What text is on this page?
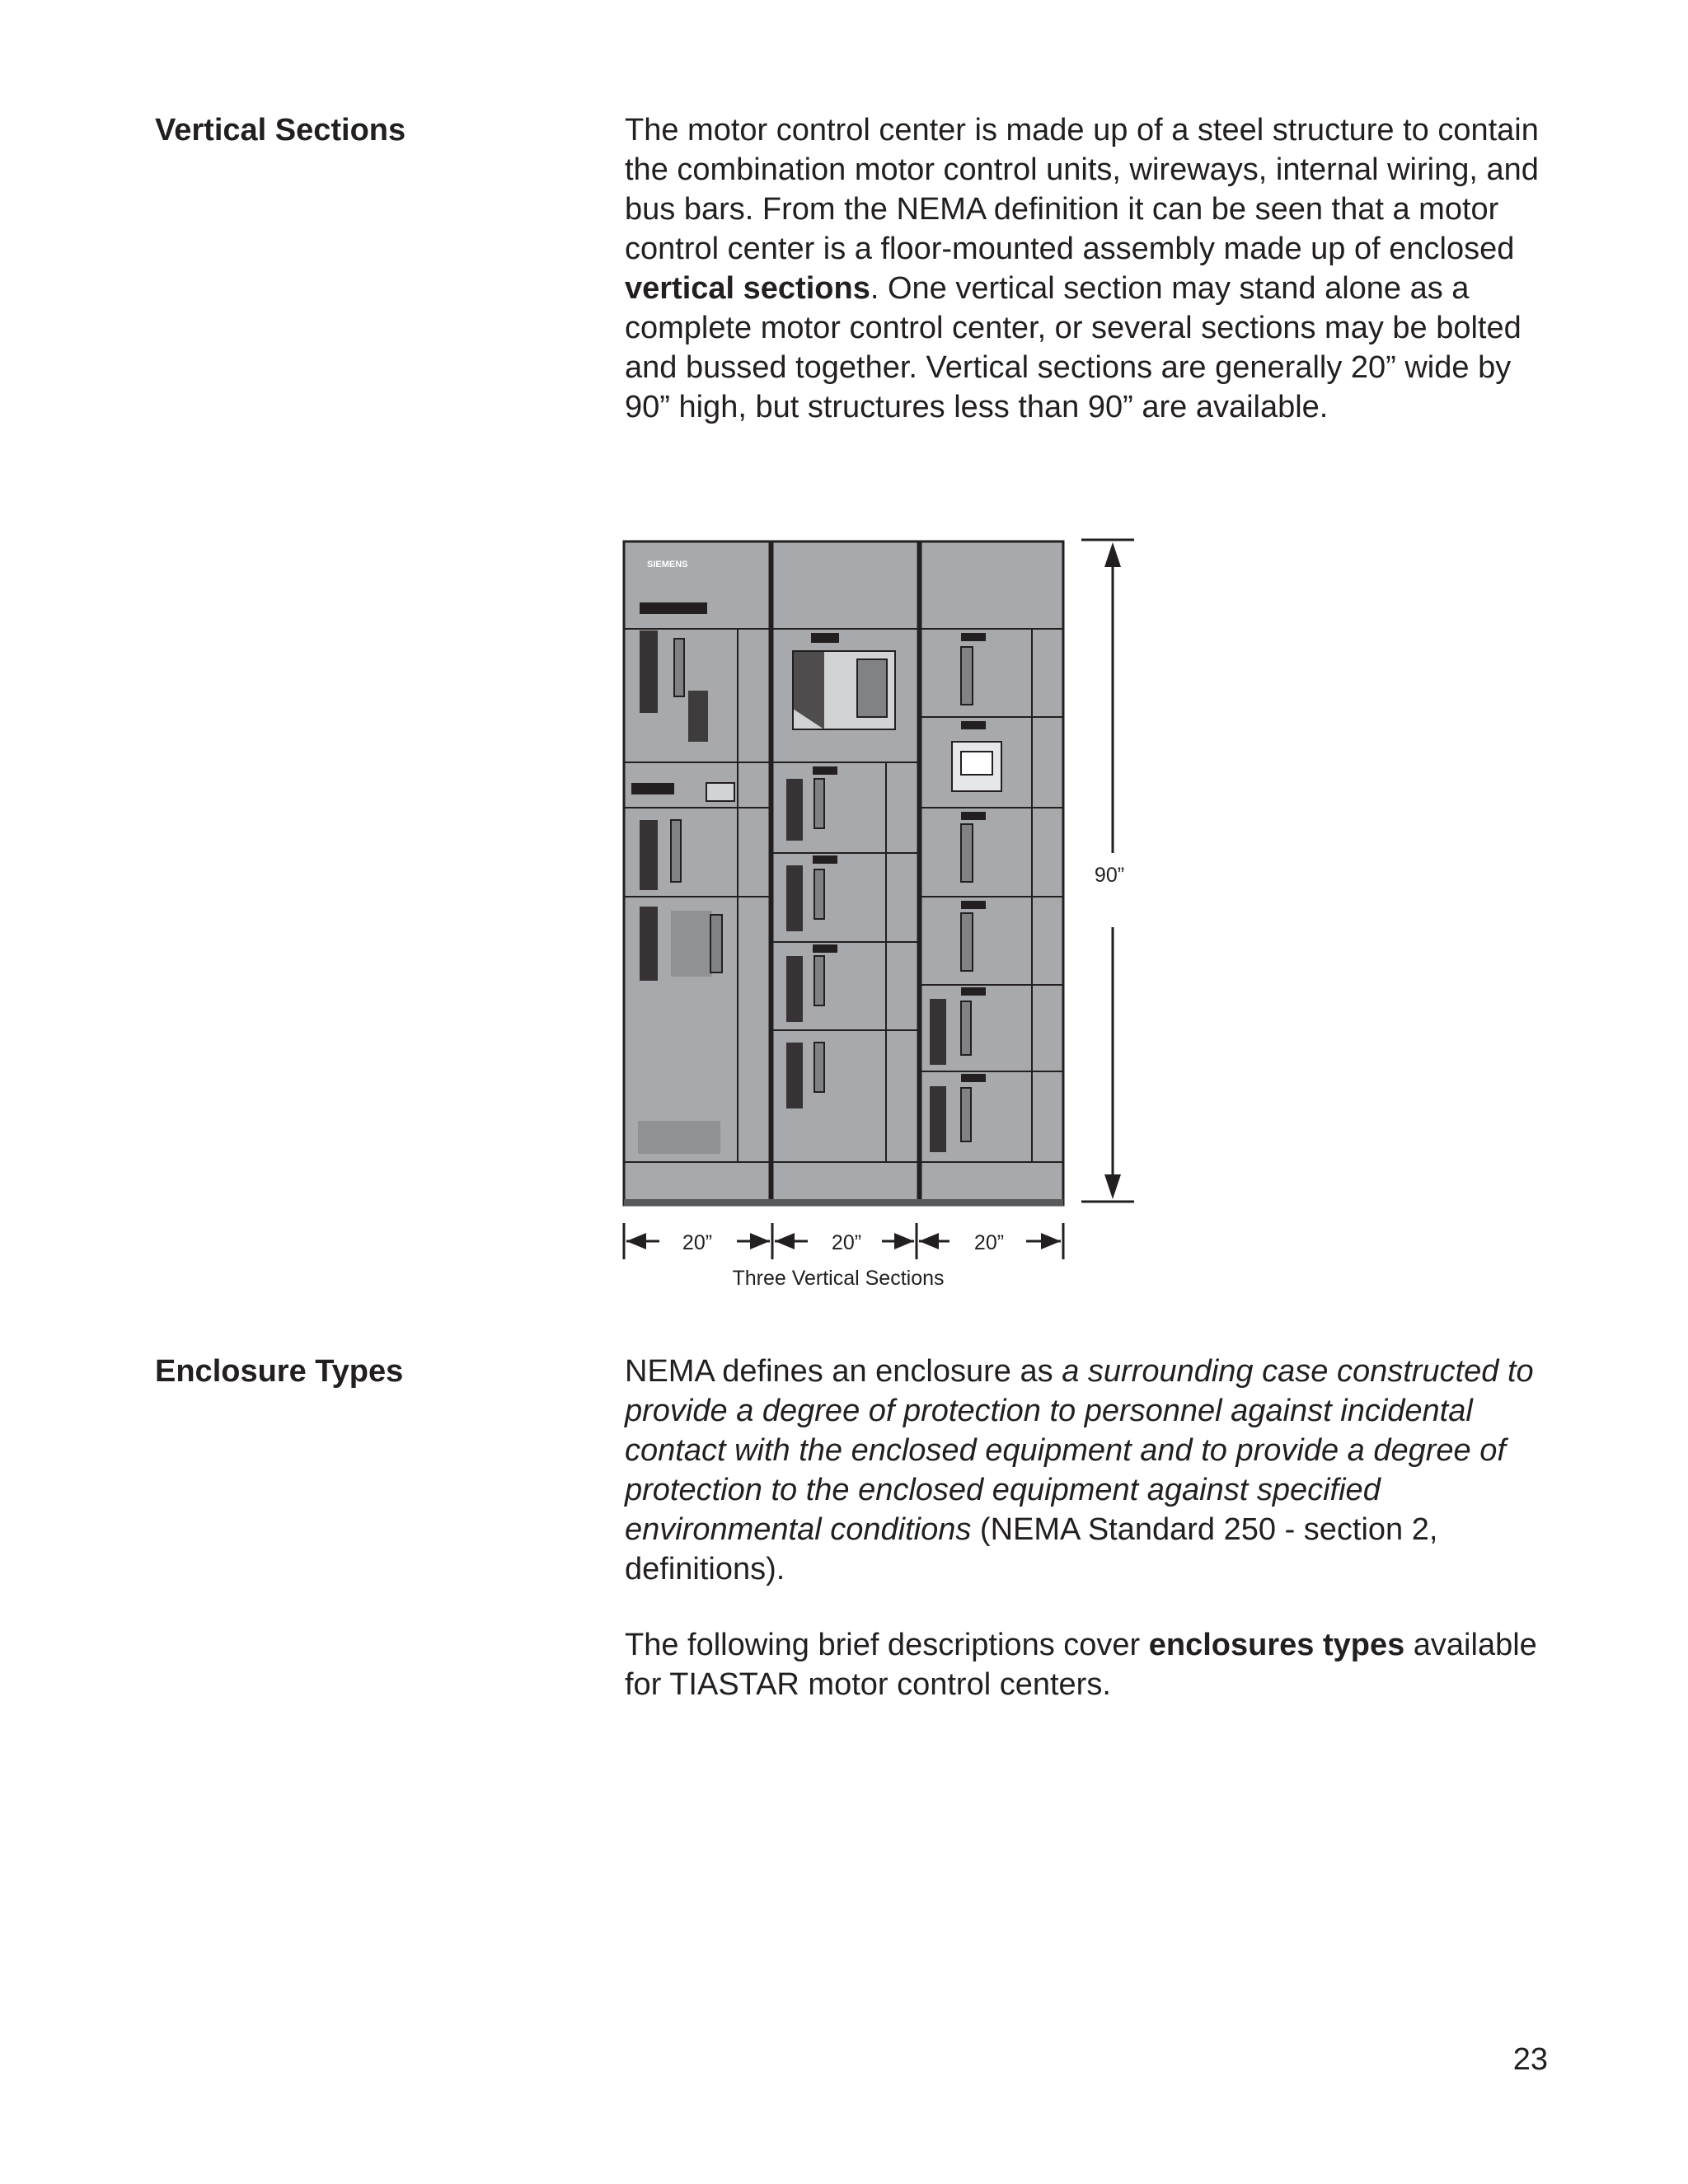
Vertical Sections	The motor control center is made up of a steel structure to contain the combination motor control units, wireways, internal wiring, and bus bars. From the NEMA definition it can be seen that a motor control center is a floor-mounted assembly made up of enclosed vertical sections. One vertical section may stand alone as a complete motor control center, or several sections may be bolted and bussed together. Vertical sections are generally 20” wide by 90” high, but structures less than 90” are available.

SIEMENS
90”
20”	20”	20”
Three Vertical Sections
Enclosure Types	NEMA defines an enclosure as a surrounding case constructed to provide a degree of protection to personnel against incidental contact with the enclosed equipment and to provide a degree of protection to the enclosed equipment against specified environmental conditions (NEMA Standard 250 - section 2, definitions).

The following brief descriptions cover enclosures types available for TIASTAR motor control centers.

23
